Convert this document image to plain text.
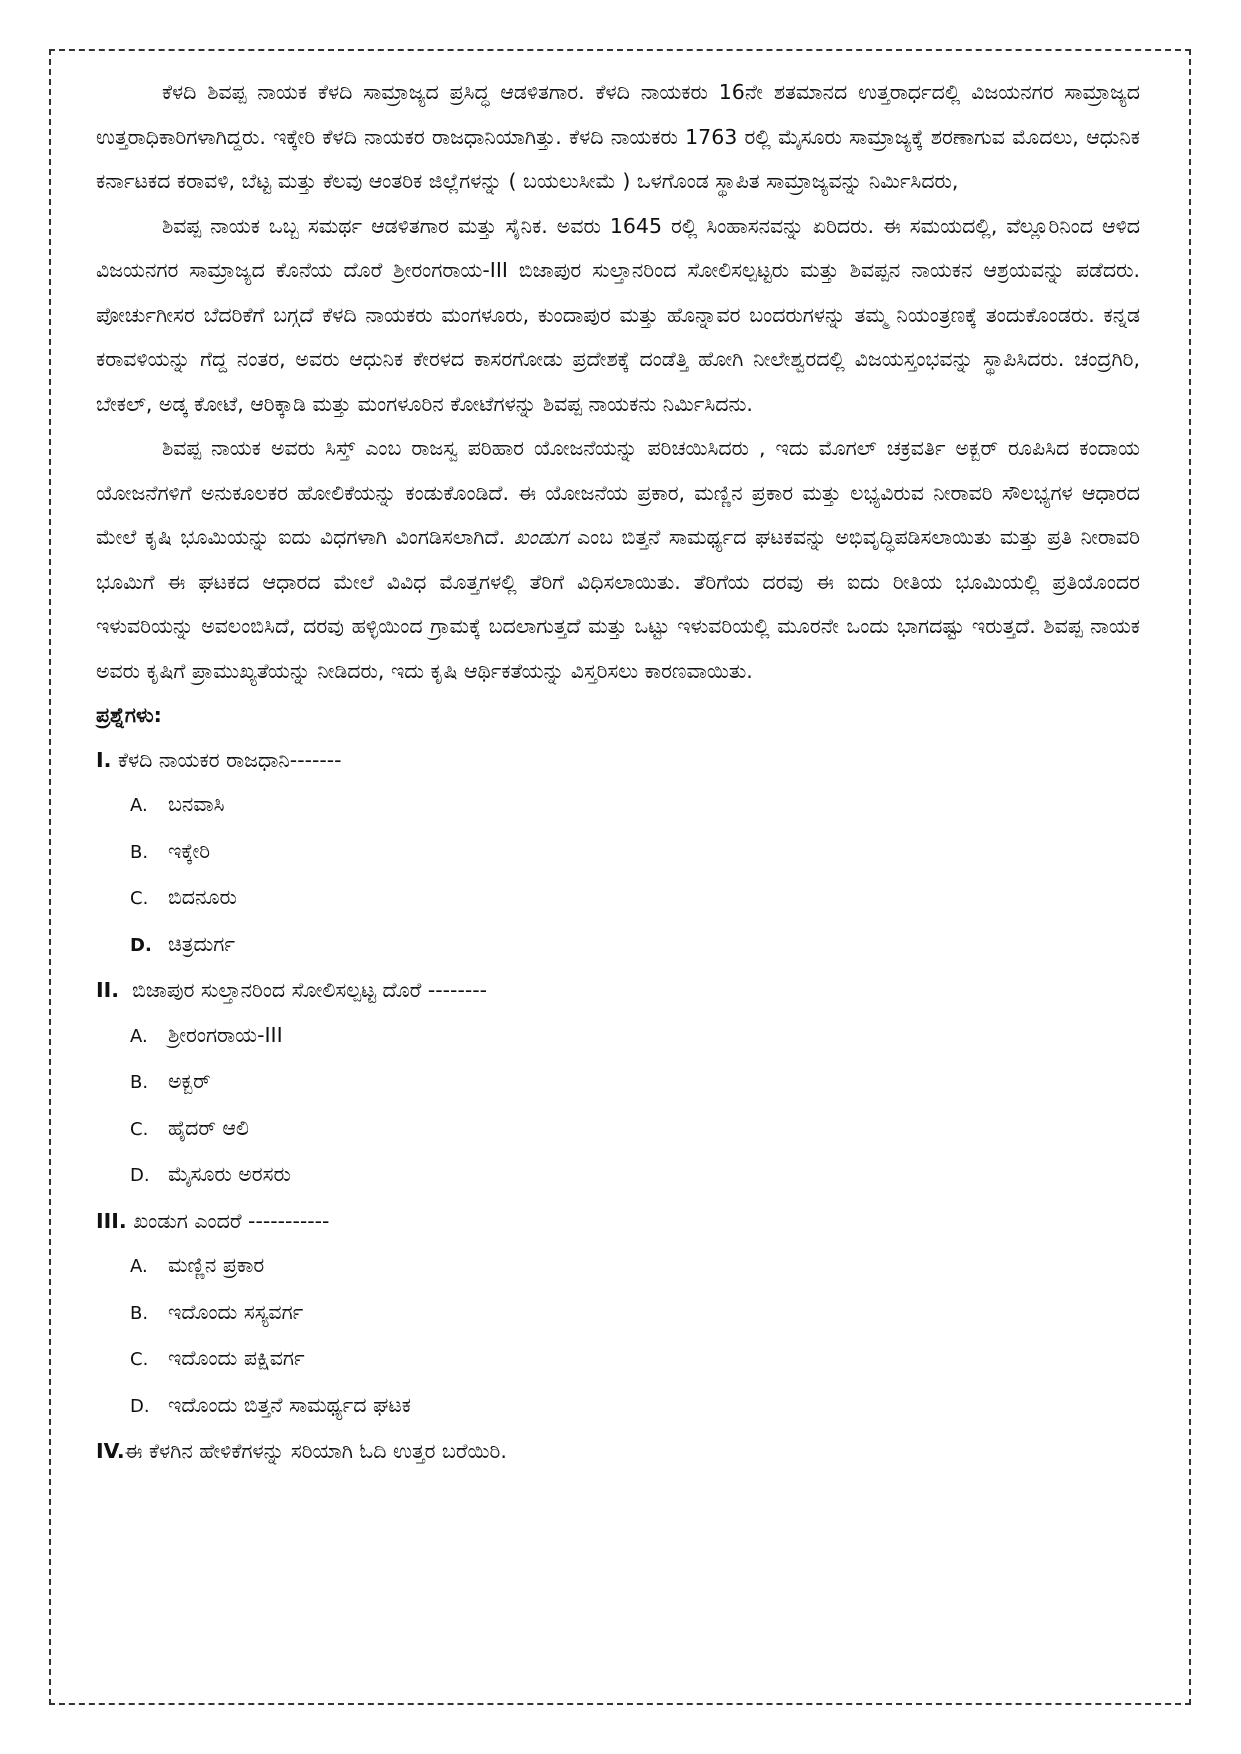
ಕೆಳದಿ ಶಿವಪ್ಪ ನಾಯಕ ಕೆಳದಿ ಸಾಮ್ರಾಜ್ಯದ ಪ್ರಸಿದ್ಧ ಆಡಳಿತಗಾರ. ಕೆಳದಿ ನಾಯಕರು 16ನೇ ಶತಮಾನದ ಉತ್ತರಾರ್ಧದಲ್ಲಿ ವಿಜಯನಗರ ಸಾಮ್ರಾಜ್ಯದ ಉತ್ತರಾಧಿಕಾರಿಗಳಾಗಿದ್ದರು. ಇಕ್ಕೇರಿ ಕೆಳದಿ ನಾಯಕರ ರಾಜಧಾನಿಯಾಗಿತ್ತು. ಕೆಳದಿ ನಾಯಕರು 1763 ರಲ್ಲಿ ಮೈಸೂರು ಸಾಮ್ರಾಜ್ಯಕ್ಕೆ ಶರಣಾಗುವ ಮೊದಲು, ಆಧುನಿಕ ಕರ್ನಾಟಕದ ಕರಾವಳಿ, ಬೆಟ್ಟ ಮತ್ತು ಕೆಲವು ಆಂತರಿಕ ಜಿಲ್ಲೆಗಳನ್ನು ( ಬಯಲುಸೀಮೆ ) ಒಳಗೊಂಡ ಸ್ಥಾಪಿತ ಸಾಮ್ರಾಜ್ಯವನ್ನು ನಿರ್ಮಿಸಿದರು,

ಶಿವಪ್ಪ ನಾಯಕ ಒಬ್ಬ ಸಮರ್ಥ ಆಡಳಿತಗಾರ ಮತ್ತು ಸೈನಿಕ. ಅವರು 1645 ರಲ್ಲಿ ಸಿಂಹಾಸನವನ್ನು ಏರಿದರು. ಈ ಸಮಯದಲ್ಲಿ, ವೆಲ್ಲೂರಿನಿಂದ ಆಳಿದ ವಿಜಯನಗರ ಸಾಮ್ರಾಜ್ಯದ ಕೊನೆಯ ದೊರೆ ಶ್ರೀರಂಗರಾಯ-III ಬಿಜಾಪುರ ಸುಲ್ತಾನರಿಂದ ಸೋಲಿಸಲ್ಪಟ್ಟರು ಮತ್ತು ಶಿವಪ್ಪನ ನಾಯಕನ ಆಶ್ರಯವನ್ನು ಪಡೆದರು. ಪೋರ್ಚುಗೀಸರ ಬೆದರಿಕೆಗೆ ಬಗ್ಗದೆ ಕೆಳದಿ ನಾಯಕರು ಮಂಗಳೂರು, ಕುಂದಾಪುರ ಮತ್ತು ಹೊನ್ನಾವರ ಬಂದರುಗಳನ್ನು ತಮ್ಮ ನಿಯಂತ್ರಣಕ್ಕೆ ತಂದುಕೊಂಡರು. ಕನ್ನಡ ಕರಾವಳಿಯನ್ನು ಗೆದ್ದ ನಂತರ, ಅವರು ಆಧುನಿಕ ಕೇರಳದ ಕಾಸರಗೋಡು ಪ್ರದೇಶಕ್ಕೆ ದಂಡೆತ್ತಿ ಹೋಗಿ ನೀಲೇಶ್ವರದಲ್ಲಿ ವಿಜಯಸ್ತಂಭವನ್ನು ಸ್ಥಾಪಿಸಿದರು. ಚಂದ್ರಗಿರಿ, ಬೇಕಲ್, ಅಡ್ಕ ಕೋಟೆ, ಆರಿಕ್ಕಾಡಿ ಮತ್ತು ಮಂಗಳೂರಿನ ಕೋಟೆಗಳನ್ನು ಶಿವಪ್ಪ ನಾಯಕನು ನಿರ್ಮಿಸಿದನು.

ಶಿವಪ್ಪ ನಾಯಕ ಅವರು ಸಿಸ್ತ್ ಎಂಬ ರಾಜಸ್ವ ಪರಿಹಾರ ಯೋಜನೆಯನ್ನು ಪರಿಚಯಿಸಿದರು , ಇದು ಮೊಗಲ್ ಚಕ್ರವರ್ತಿ ಅಕ್ಬರ್ ರೂಪಿಸಿದ ಕಂದಾಯ ಯೋಜನೆಗಳಿಗೆ ಅನುಕೂಲಕರ ಹೋಲಿಕೆಯನ್ನು ಕಂಡುಕೊಂಡಿದೆ. ಈ ಯೋಜನೆಯ ಪ್ರಕಾರ, ಮಣ್ಣಿನ ಪ್ರಕಾರ ಮತ್ತು ಲಭ್ಯವಿರುವ ನೀರಾವರಿ ಸೌಲಭ್ಯಗಳ ಆಧಾರದ ಮೇಲೆ ಕೃಷಿ ಭೂಮಿಯನ್ನು ಐದು ವಿಧಗಳಾಗಿ ವಿಂಗಡಿಸಲಾಗಿದೆ. ಖಂಡುಗ ಎಂಬ ಬಿತ್ತನೆ ಸಾಮರ್ಥ್ಯದ ಘಟಕವನ್ನು ಅಭಿವೃದ್ಧಿಪಡಿಸಲಾಯಿತು ಮತ್ತು ಪ್ರತಿ ನೀರಾವರಿ ಭೂಮಿಗೆ ಈ ಘಟಕದ ಆಧಾರದ ಮೇಲೆ ವಿವಿಧ ಮೊತ್ತಗಳಲ್ಲಿ ತೆರಿಗೆ ವಿಧಿಸಲಾಯಿತು. ತೆರಿಗೆಯ ದರವು ಈ ಐದು ರೀತಿಯ ಭೂಮಿಯಲ್ಲಿ ಪ್ರತಿಯೊಂದರ ಇಳುವರಿಯನ್ನು ಅವಲಂಬಿಸಿದೆ, ದರವು ಹಳ್ಳಿಯಿಂದ ಗ್ರಾಮಕ್ಕೆ ಬದಲಾಗುತ್ತದೆ ಮತ್ತು ಒಟ್ಟು ಇಳುವರಿಯಲ್ಲಿ ಮೂರನೇ ಒಂದು ಭಾಗದಷ್ಟು ಇರುತ್ತದೆ. ಶಿವಪ್ಪ ನಾಯಕ ಅವರು ಕೃಷಿಗೆ ಪ್ರಾಮುಖ್ಯತೆಯನ್ನು ನೀಡಿದರು, ಇದು ಕೃಷಿ ಆರ್ಥಿಕತೆಯನ್ನು ವಿಸ್ತರಿಸಲು ಕಾರಣವಾಯಿತು.

ಪ್ರಶ್ನೆಗಳು:

I. ಕೆಳದಿ ನಾಯಕರ ರಾಜಧಾನಿ-------

A. ಬನವಾಸಿ
B. ಇಕ್ಕೇರಿ
C. ಬಿದನೂರು
D. ಚಿತ್ರದುರ್ಗ

II. ಬಿಜಾಪುರ ಸುಲ್ತಾನರಿಂದ ಸೋಲಿಸಲ್ಪಟ್ಟ ದೊರೆ --------

A. ಶ್ರೀರಂಗರಾಯ-III
B. ಅಕ್ಬರ್
C. ಹೈದರ್ ಆಲಿ
D. ಮೈಸೂರು ಅರಸರು

III. ಖಂಡುಗ ಎಂದರೆ -----------

A. ಮಣ್ಣಿನ ಪ್ರಕಾರ
B. ಇದೊಂದು ಸಸ್ಯವರ್ಗ
C. ಇದೊಂದು ಪಕ್ಷಿವರ್ಗ
D. ಇದೊಂದು ಬಿತ್ತನೆ ಸಾಮರ್ಥ್ಯದ ಘಟಕ

IV.ಈ ಕೆಳಗಿನ ಹೇಳಿಕೆಗಳನ್ನು ಸರಿಯಾಗಿ ಓದಿ ಉತ್ತರ ಬರೆಯಿರಿ.
